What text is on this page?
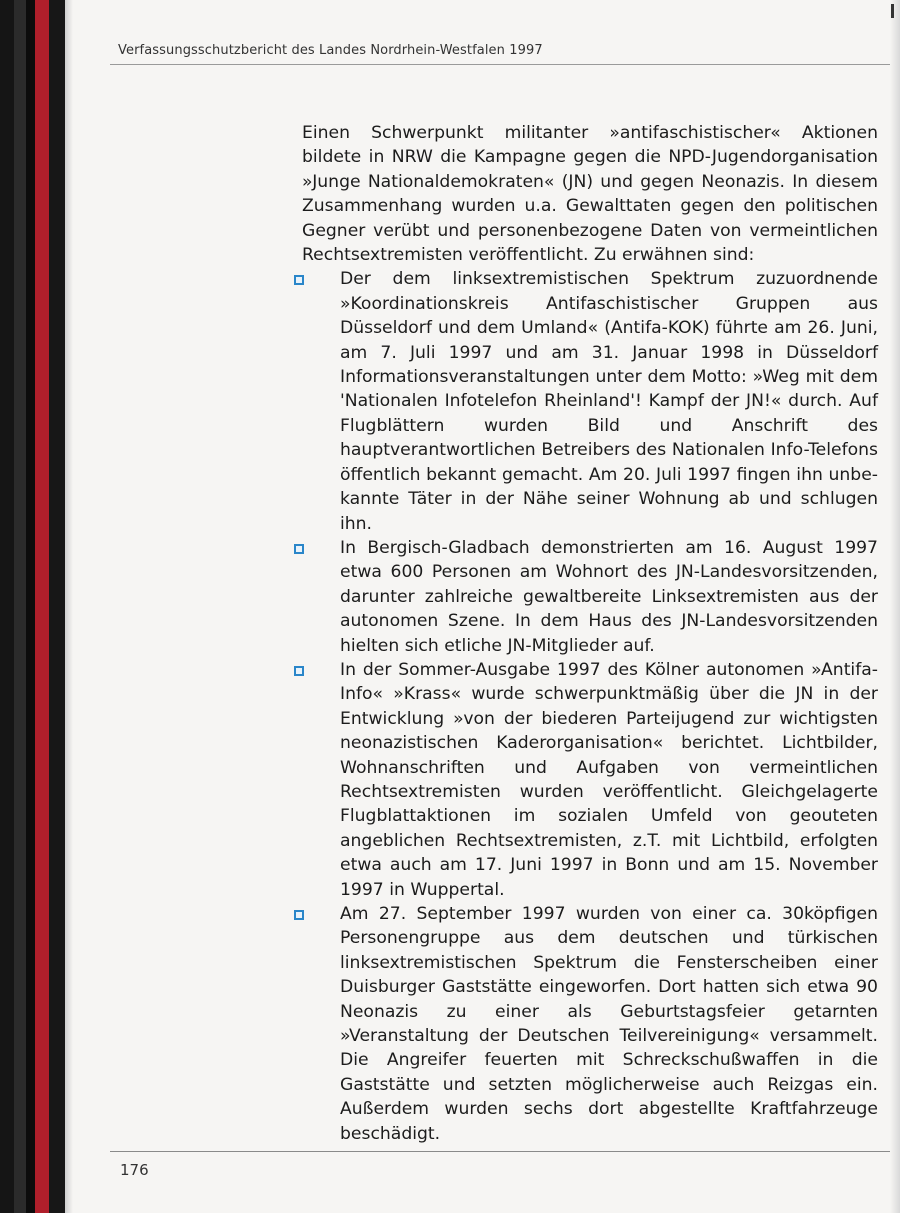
Verfassungsschutzbericht des Landes Nordrhein-Westfalen 1997

Einen Schwerpunkt militanter »antifaschistischer« Aktionen bildete in NRW die Kampagne gegen die NPD-Jugendorganisation »Junge Nationaldemokraten« (JN) und gegen Neonazis. In diesem Zusammenhang wurden u.a. Gewalttaten gegen den politischen Gegner verübt und personenbezogene Daten von vermeintlichen Rechtsextremisten veröffentlicht. Zu erwähnen sind:

Der dem linksextremistischen Spektrum zuzuordnende »Koordinationskreis Antifaschistischer Gruppen aus Düsseldorf und dem Umland« (Antifa-KOK) führte am 26. Juni, am 7. Juli 1997 und am 31. Januar 1998 in Düsseldorf Informationsveranstaltungen unter dem Motto: »Weg mit dem 'Nationalen Infotelefon Rheinland'! Kampf der JN!« durch. Auf Flugblättern wurden Bild und Anschrift des hauptverantwortlichen Betreibers des Nationalen Info-Telefons öffentlich bekannt gemacht. Am 20. Juli 1997 fingen ihn unbekannte Täter in der Nähe seiner Wohnung ab und schlugen ihn.
In Bergisch-Gladbach demonstrierten am 16. August 1997 etwa 600 Personen am Wohnort des JN-Landesvorsitzenden, darunter zahlreiche gewaltbereite Linksextremisten aus der autonomen Szene. In dem Haus des JN-Landesvorsitzenden hielten sich etliche JN-Mitglieder auf.
In der Sommer-Ausgabe 1997 des Kölner autonomen »Antifa-Info« »Krass« wurde schwerpunktmäßig über die JN in der Entwicklung »von der biederen Parteijugend zur wichtigsten neonazistischen Kaderorganisation« berichtet. Lichtbilder, Wohnanschriften und Aufgaben von vermeintlichen Rechtsextremisten wurden veröffentlicht. Gleichgelagerte Flugblattaktionen im sozialen Umfeld von geouteten angeblichen Rechtsextremisten, z.T. mit Lichtbild, erfolgten etwa auch am 17. Juni 1997 in Bonn und am 15. November 1997 in Wuppertal.
Am 27. September 1997 wurden von einer ca. 30köpfigen Personengruppe aus dem deutschen und türkischen linksextremistischen Spektrum die Fensterscheiben einer Duisburger Gaststätte eingeworfen. Dort hatten sich etwa 90 Neonazis zu einer als Geburtstagsfeier getarnten »Veranstaltung der Deutschen Teilvereinigung« versammelt. Die Angreifer feuerten mit Schreckschußwaffen in die Gaststätte und setzten möglicherweise auch Reizgas ein. Außerdem wurden sechs dort abgestellte Kraftfahrzeuge beschädigt.
176
